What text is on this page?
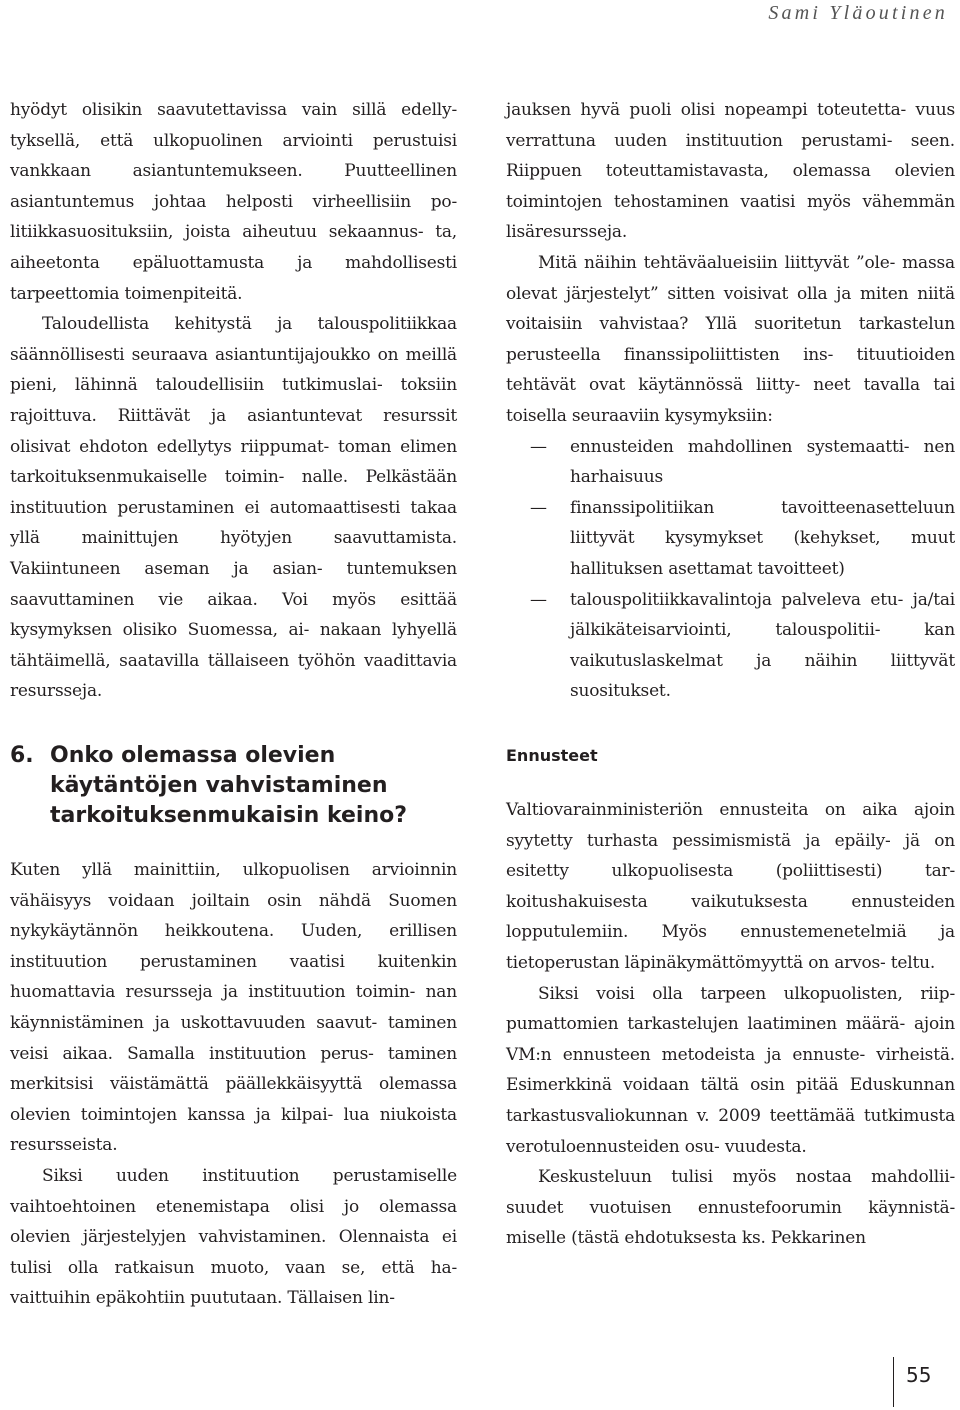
Sami Yläoutinen

hyödyt olisikin saavutettavissa vain sillä edelly- tyksellä, että ulkopuolinen arviointi perustuisi vankkaan asiantuntemukseen. Puutteellinen asiantuntemus johtaa helposti virheellisiin po- litiikkasuosituksiin, joista aiheutuu sekaannus- ta, aiheetonta epäluottamusta ja mahdollisesti tarpeettomia toimenpiteitä.

Taloudellista kehitystä ja talouspolitiikkaa säännöllisesti seuraava asiantuntijajoukko on meillä pieni, lähinnä taloudellisiin tutkimuslai- toksiin rajoittuva. Riittävät ja asiantuntevat resurssit olisivat ehdoton edellytys riippumat- toman elimen tarkoituksenmukaiselle toimin- nalle. Pelkästään instituution perustaminen ei automaattisesti takaa yllä mainittujen hyötyjen saavuttamista. Vakiintuneen aseman ja asian- tuntemuksen saavuttaminen vie aikaa. Voi myös esittää kysymyksen olisiko Suomessa, ai- nakaan lyhyellä tähtäimellä, saatavilla tällaiseen työhön vaadittavia resursseja.

jauksen hyvä puoli olisi nopeampi toteutetta- vuus verrattuna uuden instituution perustami- seen. Riippuen toteuttamistavasta, olemassa olevien toimintojen tehostaminen vaatisi myös vähemmän lisäresursseja.

Mitä näihin tehtäväalueisiin liittyvät ”ole- massa olevat järjestelyt” sitten voisivat olla ja miten niitä voitaisiin vahvistaa? Yllä suoritetun tarkastelun perusteella finanssipoliittisten ins- tituutioiden tehtävät ovat käytännössä liitty- neet tavalla tai toisella seuraaviin kysymyksiin:

— ennusteiden mahdollinen systemaatti- nen harhaisuus
— finanssipolitiikan tavoitteenasetteluun liittyvät kysymykset (kehykset, muut hallituksen asettamat tavoitteet)
— talouspolitiikkavalintoja palveleva etu- ja/tai jälkikäteisarviointi, talouspolitii-	kan vaikutuslaskelmat ja näihin liittyvät suositukset.
6. Onko olemassa olevien
käytäntöjen vahvistaminen
tarkoituksenmukaisin keino?

Kuten yllä mainittiin, ulkopuolisen arvioinnin vähäisyys voidaan joiltain osin nähdä Suomen nykykäytännön heikkoutena. Uuden, erillisen instituution perustaminen vaatisi kuitenkin huomattavia resursseja ja instituution toimin- nan käynnistäminen ja uskottavuuden saavut- taminen veisi aikaa. Samalla instituution perus- taminen merkitsisi väistämättä päällekkäisyyttä olemassa olevien toimintojen kanssa ja kilpai- lua niukoista resursseista.

Siksi uuden instituution perustamiselle vaihtoehtoinen etenemistapa olisi jo olemassa olevien järjestelyjen vahvistaminen. Olennaista ei tulisi olla ratkaisun muoto, vaan se, että ha- vaittuihin epäkohtiin puututaan. Tällaisen lin-

Ennusteet

Valtiovarainministeriön ennusteita on aika ajoin syytetty turhasta pessimismistä ja epäily- jä on esitetty ulkopuolisesta (poliittisesti) tar- koitushakuisesta vaikutuksesta ennusteiden lopputulemiin. Myös ennustemenetelmiä ja tietoperustan läpinäkymättömyyttä on arvos- teltu.

Siksi voisi olla tarpeen ulkopuolisten, riip- pumattomien tarkastelujen laatiminen määrä- ajoin VM:n ennusteen metodeista ja ennuste- virheistä. Esimerkkinä voidaan tältä osin pitää Eduskunnan tarkastusvaliokunnan v. 2009 teettämää tutkimusta verotuloennusteiden osu- vuudesta.

Keskusteluun tulisi myös nostaa mahdollii- suudet vuotuisen ennustefoorumin käynnistä- miselle (tästä ehdotuksesta ks. Pekkarinen

55
